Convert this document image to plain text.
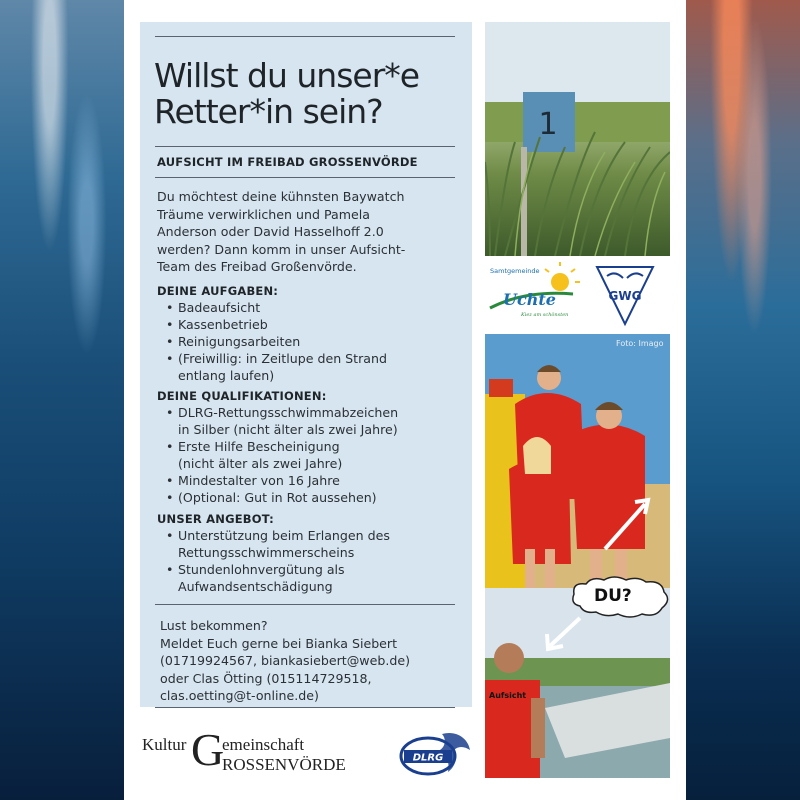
Willst du unser*e Retter*in sein?
AUFSICHT IM FREIBAD GROSSENVÖRDE
Du möchtest deine kühnsten Baywatch
Träume verwirklichen und Pamela
Anderson oder David Hasselhoff 2.0
werden? Dann komm in unser Aufsicht-
Team des Freibad Großenvörde.
DEINE AUFGABEN:
• Badeaufsicht
• Kassenbetrieb
• Reinigungsarbeiten
• (Freiwillig: in Zeitlupe den Strand
entlang laufen)
DEINE QUALIFIKATIONEN:
• DLRG-Rettungsschwimmabzeichen
in Silber (nicht älter als zwei Jahre)
• Erste Hilfe Bescheinigung
(nicht älter als zwei Jahre)
• Mindestalter von 16 Jahre
• (Optional: Gut in Rot aussehen)
UNSER ANGEBOT:
• Unterstützung beim Erlangen des
Rettungsschwimmerscheins
• Stundenlohnvergütung als
Aufwandsentschädigung
Lust bekommen?
Meldet Euch gerne bei Bianka Siebert
(01719924567, biankasiebert@web.de)
oder Clas Ötting (015114729518,
clas.oetting@t-online.de)
Kultur G
emeinschaft
ROSSENVÖRDE	DLRG
1
Samtgemeinde
Uchte
Kiez am schönsten
GWG
Foto: Imago
Aufsicht
DU?
